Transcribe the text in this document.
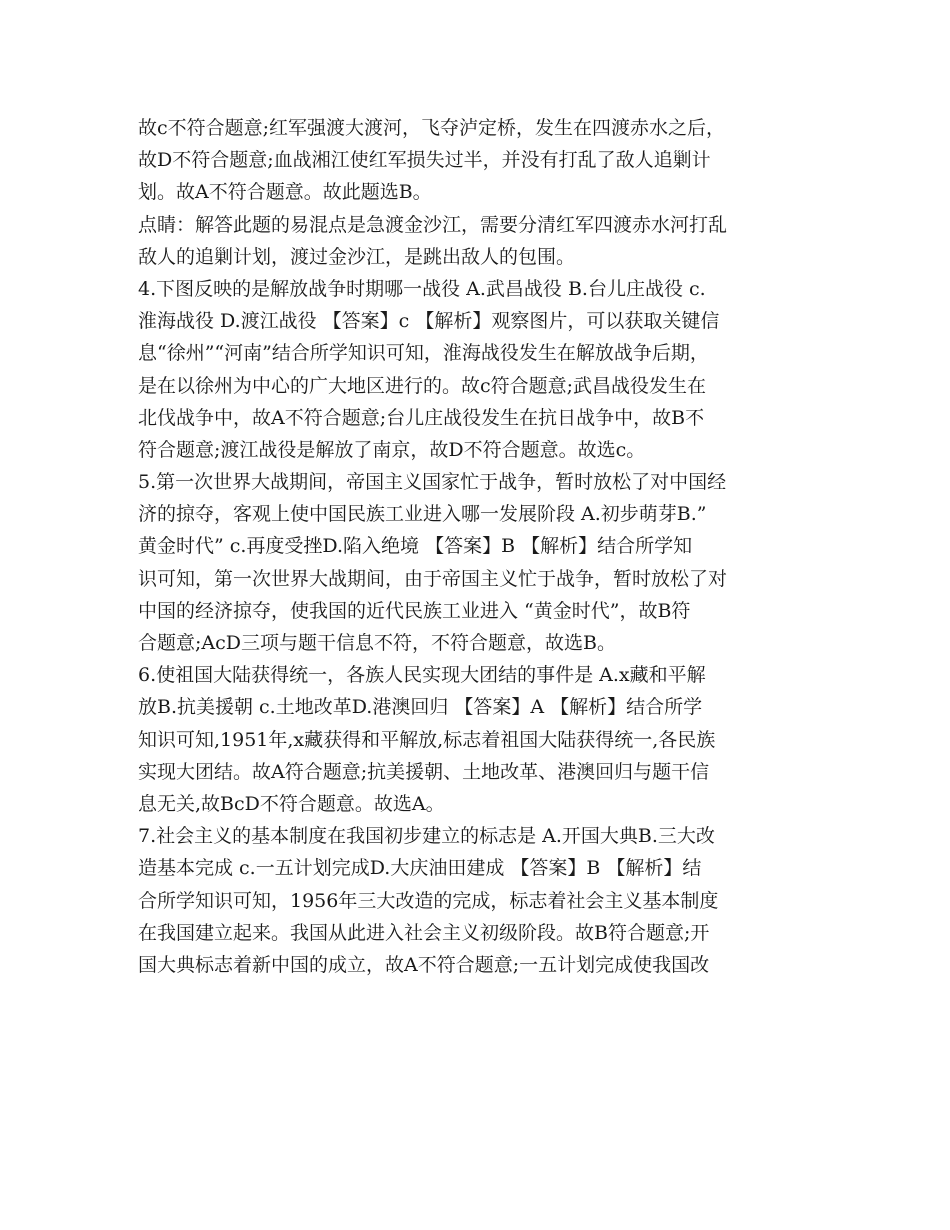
故c不符合题意;红军强渡大渡河，飞夺泸定桥，发生在四渡赤水之后，
故D不符合题意;血战湘江使红军损失过半，并没有打乱了敌人追剿计
划。故A不符合题意。故此题选B。
点睛：解答此题的易混点是急渡金沙江，需要分清红军四渡赤水河打乱
敌人的追剿计划，渡过金沙江，是跳出敌人的包围。
4.下图反映的是解放战争时期哪一战役 A.武昌战役 B.台儿庄战役 c.
淮海战役 D.渡江战役 【答案】c 【解析】观察图片，可以获取关键信
息“徐州”“河南”结合所学知识可知，淮海战役发生在解放战争后期，
是在以徐州为中心的广大地区进行的。故c符合题意;武昌战役发生在
北伐战争中，故A不符合题意;台儿庄战役发生在抗日战争中，故B不
符合题意;渡江战役是解放了南京，故D不符合题意。故选c。
5.第一次世界大战期间，帝国主义国家忙于战争，暂时放松了对中国经
济的掠夺，客观上使中国民族工业进入哪一发展阶段 A.初步萌芽B.”
黄金时代” c.再度受挫D.陷入绝境 【答案】B 【解析】结合所学知
识可知，第一次世界大战期间，由于帝国主义忙于战争，暂时放松了对
中国的经济掠夺，使我国的近代民族工业进入 “黄金时代”，故B符
合题意;AcD三项与题干信息不符，不符合题意，故选B。
6.使祖国大陆获得统一，各族人民实现大团结的事件是 A.x藏和平解
放B.抗美援朝 c.土地改革D.港澳回归 【答案】A 【解析】结合所学
知识可知,1951年,x藏获得和平解放,标志着祖国大陆获得统一,各民族
实现大团结。故A符合题意;抗美援朝、土地改革、港澳回归与题干信
息无关,故BcD不符合题意。故选A。
7.社会主义的基本制度在我国初步建立的标志是 A.开国大典B.三大改
造基本完成 c.一五计划完成D.大庆油田建成 【答案】B 【解析】结
合所学知识可知，1956年三大改造的完成，标志着社会主义基本制度
在我国建立起来。我国从此进入社会主义初级阶段。故B符合题意;开
国大典标志着新中国的成立，故A不符合题意;一五计划完成使我国改
